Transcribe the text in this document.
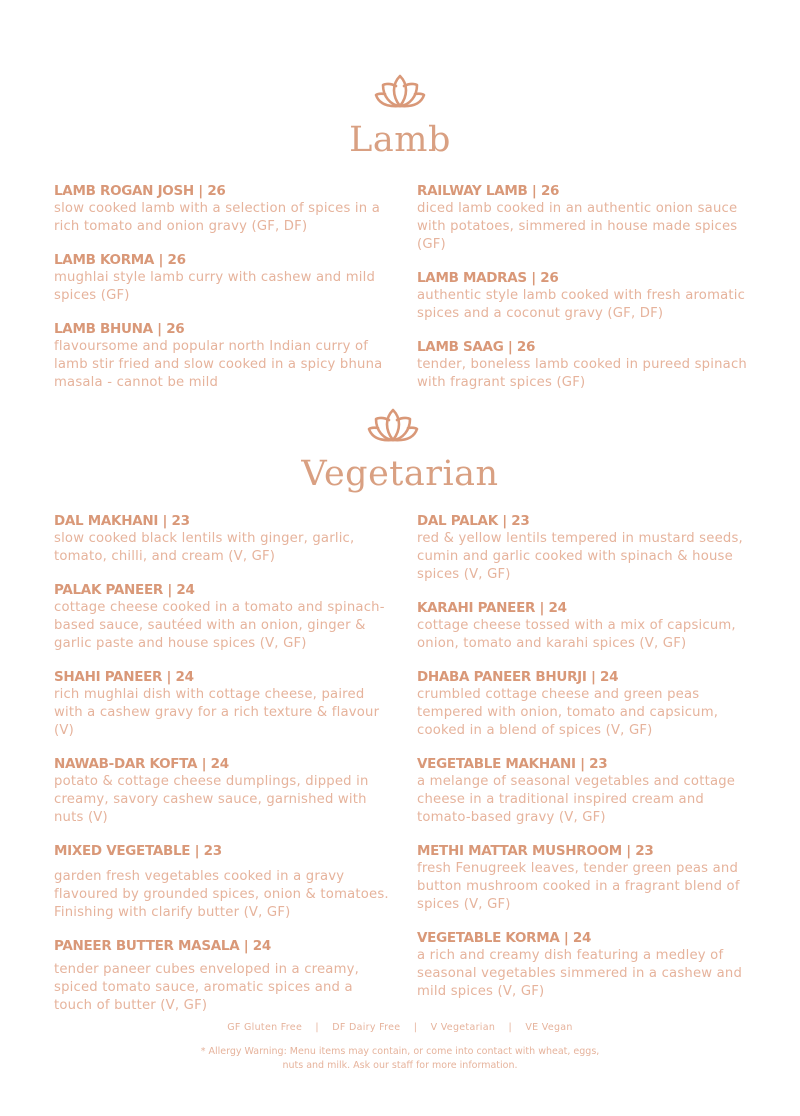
Lamb

LAMB ROGAN JOSH | 26

slow cooked lamb with a selection of spices in a rich tomato and onion gravy (GF, DF)

LAMB KORMA | 26

mughlai style lamb curry with cashew and mild spices (GF)

LAMB BHUNA | 26

flavoursome and popular north Indian curry of lamb stir fried and slow cooked in a spicy bhuna masala - cannot be mild

RAILWAY LAMB | 26

diced lamb cooked in an authentic onion sauce with potatoes, simmered in house made spices (GF)

LAMB MADRAS | 26

authentic style lamb cooked with fresh aromatic spices and a coconut gravy (GF, DF)

LAMB SAAG | 26

tender, boneless lamb cooked in pureed spinach with fragrant spices (GF)

Vegetarian

DAL MAKHANI | 23

slow cooked black lentils with ginger, garlic, tomato, chilli, and cream (V, GF)

PALAK PANEER | 24

cottage cheese cooked in a tomato and spinach-based sauce, sautéed with an onion, ginger & garlic paste and house spices (V, GF)

SHAHI PANEER | 24

rich mughlai dish with cottage cheese, paired with a cashew gravy for a rich texture & flavour (V)

NAWAB-DAR KOFTA | 24

potato & cottage cheese dumplings, dipped in creamy, savory cashew sauce, garnished with nuts (V)

MIXED VEGETABLE | 23

garden fresh vegetables cooked in a gravy flavoured by grounded spices, onion & tomatoes. Finishing with clarify butter (V, GF)

PANEER BUTTER MASALA | 24

tender paneer cubes enveloped in a creamy, spiced tomato sauce, aromatic spices and a touch of butter (V, GF)

DAL PALAK | 23

red & yellow lentils tempered in mustard seeds, cumin and garlic cooked with spinach & house spices (V, GF)

KARAHI PANEER | 24

cottage cheese tossed with a mix of capsicum, onion, tomato and karahi spices (V, GF)

DHABA PANEER BHURJI | 24

crumbled cottage cheese and green peas tempered with onion, tomato and capsicum, cooked in a blend of spices (V, GF)

VEGETABLE MAKHANI | 23

a melange of seasonal vegetables and cottage cheese in a traditional inspired cream and tomato-based gravy (V, GF)

METHI MATTAR MUSHROOM | 23

fresh Fenugreek leaves, tender green peas and button mushroom cooked in a fragrant blend of spices (V, GF)

VEGETABLE KORMA | 24

a rich and creamy dish featuring a medley of seasonal vegetables simmered in a cashew and mild spices (V, GF)

GF Gluten Free | DF Dairy Free | V Vegetarian | VE Vegan
* Allergy Warning: Menu items may contain, or come into contact with wheat, eggs, nuts and milk. Ask our staff for more information.
